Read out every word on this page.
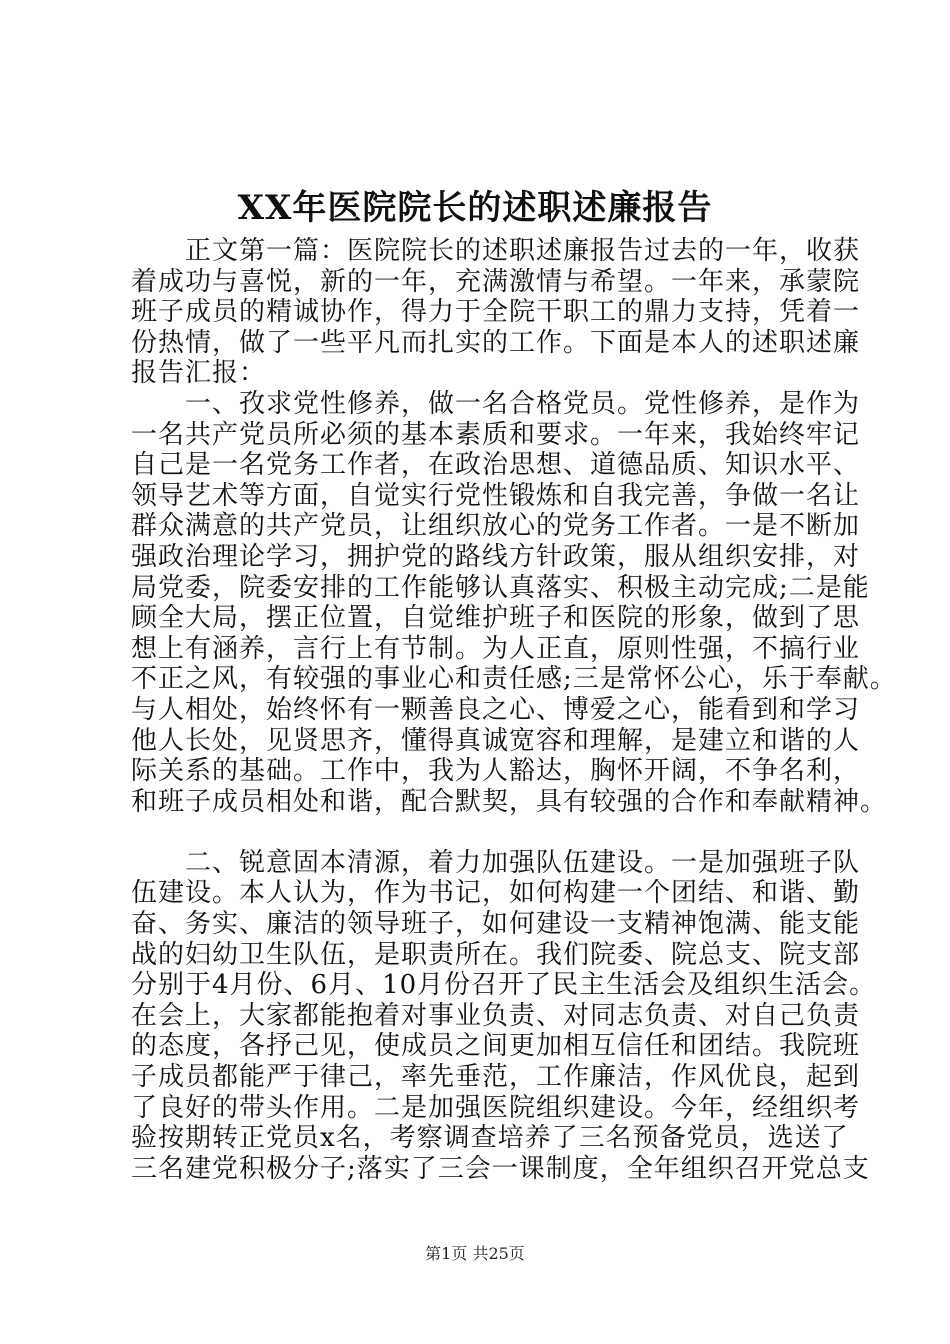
XX年医院院长的述职述廉报告
　　正文第一篇：医院院长的述职述廉报告过去的一年，收获
着成功与喜悦，新的一年，充满激情与希望。一年来，承蒙院
班子成员的精诚协作，得力于全院干职工的鼎力支持，凭着一
份热情，做了一些平凡而扎实的工作。下面是本人的述职述廉
报告汇报：
　　一、孜求党性修养，做一名合格党员。党性修养，是作为
一名共产党员所必须的基本素质和要求。一年来，我始终牢记
自己是一名党务工作者，在政治思想、道德品质、知识水平、
领导艺术等方面，自觉实行党性锻炼和自我完善，争做一名让
群众满意的共产党员，让组织放心的党务工作者。一是不断加
强政治理论学习，拥护党的路线方针政策，服从组织安排，对
局党委，院委安排的工作能够认真落实、积极主动完成;二是能
顾全大局，摆正位置，自觉维护班子和医院的形象，做到了思
想上有涵养，言行上有节制。为人正直，原则性强，不搞行业
不正之风，有较强的事业心和责任感;三是常怀公心，乐于奉献。
与人相处，始终怀有一颗善良之心、博爱之心，能看到和学习
他人长处，见贤思齐，懂得真诚宽容和理解，是建立和谐的人
际关系的基础。工作中，我为人豁达，胸怀开阔，不争名利，
和班子成员相处和谐，配合默契，具有较强的合作和奉献精神。
　　二、锐意固本清源，着力加强队伍建设。一是加强班子队
伍建设。本人认为，作为书记，如何构建一个团结、和谐、勤
奋、务实、廉洁的领导班子，如何建设一支精神饱满、能支能
战的妇幼卫生队伍，是职责所在。我们院委、院总支、院支部
分别于4月份、6月、10月份召开了民主生活会及组织生活会。
在会上，大家都能抱着对事业负责、对同志负责、对自己负责
的态度，各抒己见，使成员之间更加相互信任和团结。我院班
子成员都能严于律己，率先垂范，工作廉洁，作风优良，起到
了良好的带头作用。二是加强医院组织建设。今年，经组织考
验按期转正党员x名，考察调查培养了三名预备党员，选送了
三名建党积极分子;落实了三会一课制度，全年组织召开党总支
第1页 共25页
